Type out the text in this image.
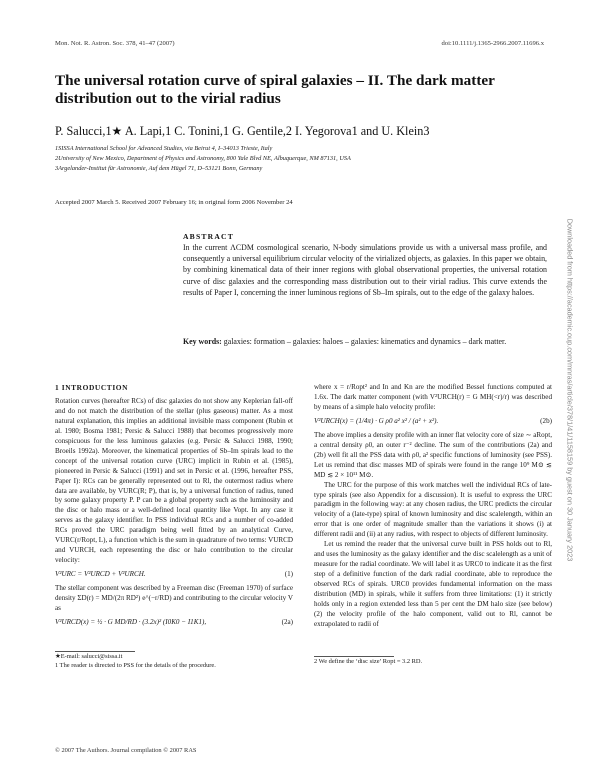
Mon. Not. R. Astron. Soc. 378, 41–47 (2007)	doi:10.1111/j.1365-2966.2007.11696.x
The universal rotation curve of spiral galaxies – II. The dark matter distribution out to the virial radius
P. Salucci,1★ A. Lapi,1 C. Tonini,1 G. Gentile,2 I. Yegorova1 and U. Klein3
1SISSA International School for Advanced Studies, via Beirut 4, I–34013 Trieste, Italy
2University of New Mexico, Department of Physics and Astronomy, 800 Yale Blvd NE, Albuquerque, NM 87131, USA
3Argelander-Institut für Astronomie, Auf dem Hügel 71, D–53121 Bonn, Germany
Accepted 2007 March 5. Received 2007 February 16; in original form 2006 November 24
ABSTRACT
In the current ΛCDM cosmological scenario, N-body simulations provide us with a universal mass profile, and consequently a universal equilibrium circular velocity of the virialized objects, as galaxies. In this paper we obtain, by combining kinematical data of their inner regions with global observational properties, the universal rotation curve of disc galaxies and the corresponding mass distribution out to their virial radius. This curve extends the results of Paper I, concerning the inner luminous regions of Sb–Im spirals, out to the edge of the galaxy haloes.
Key words: galaxies: formation – galaxies: haloes – galaxies: kinematics and dynamics – dark matter.
1 INTRODUCTION

Rotation curves (hereafter RCs) of disc galaxies do not show any Keplerian fall-off and do not match the distribution of the stellar (plus gaseous) matter. As a most natural explanation, this implies an additional invisible mass component (Rubin et al. 1980; Bosma 1981; Persic & Salucci 1988) that becomes progressively more conspicuous for the less luminous galaxies (e.g. Persic & Salucci 1988, 1990; Broeils 1992a). Moreover, the kinematical properties of Sb–Im spirals lead to the concept of the universal rotation curve (URC) implicit in Rubin et al. (1985), pioneered in Persic & Salucci (1991) and set in Persic et al. (1996, hereafter PSS, Paper I): RCs can be generally represented out to Rl, the outermost radius where data are available, by VURC(R; P), that is, by a universal function of radius, tuned by some galaxy property P. P can be a global property such as the luminosity and the disc or halo mass or a well-defined local quantity like Vopt. In any case it serves as the galaxy identifier. In PSS individual RCs and a number of co-added RCs proved the URC paradigm being well fitted by an analytical Curve, VURC(r/Ropt, L), a function which is the sum in quadrature of two terms: VURCD and VURCH, each representing the disc or halo contribution to the circular velocity:

V²URC = V²URCD + V²URCH.	(1)

The stellar component was described by a Freeman disc (Freeman 1970) of surface density ΣD(r) = MD/(2π RD²) e^(−r/RD) and contributing to the circular velocity V as

V²URCD(x) = ½ · G MD/RD · (3.2x)² (I0K0 − I1K1),	(2a)

where x = r/Ropt² and In and Kn are the modified Bessel functions computed at 1.6x. The dark matter component (with V²URCH(r) = G MH(<r)/r) was described by means of a simple halo velocity profile:

V²URCH(x) = (1/4π) · G ρ0 a² x² / (a² + x²).	(2b)

The above implies a density profile with an inner flat velocity core of size ∼ aRopt, a central density ρ0, an outer r⁻² decline. The sum of the contributions (2a) and (2b) well fit all the PSS data with ρ0, a² specific functions of luminosity (see PSS). Let us remind that disc masses MD of spirals were found in the range 10⁹ M⊙ ≲ MD ≲ 2 × 10¹¹ M⊙.

The URC for the purpose of this work matches well the individual RCs of late-type spirals (see also Appendix for a discussion). It is useful to express the URC paradigm in the following way: at any chosen radius, the URC predicts the circular velocity of a (late-type) spiral of known luminosity and disc scalelength, within an error that is one order of magnitude smaller than the variations it shows (i) at different radii and (ii) at any radius, with respect to objects of different luminosity.

Let us remind the reader that the universal curve built in PSS holds out to Rl, and uses the luminosity as the galaxy identifier and the disc scalelength as a unit of measure for the radial coordinate. We will label it as URC0 to indicate it as the first step of a definitive function of the dark radial coordinate, able to reproduce the observed RCs of spirals. URC0 provides fundamental information on the mass distribution (MD) in spirals, while it suffers from three limitations: (1) it strictly holds only in a region extended less than 5 per cent the DM halo size (see below) (2) the velocity profile of the halo component, valid out to Rl, cannot be extrapolated to radii of

★E-mail: salucci@sissa.it
1 The reader is directed to PSS for the details of the procedure.
2 We define the ‘disc size’ Ropt = 3.2 RD.
© 2007 The Authors. Journal compilation © 2007 RAS
Downloaded from https://academic.oup.com/mnras/article/378/1/41/1158159 by guest on 30 January 2023
